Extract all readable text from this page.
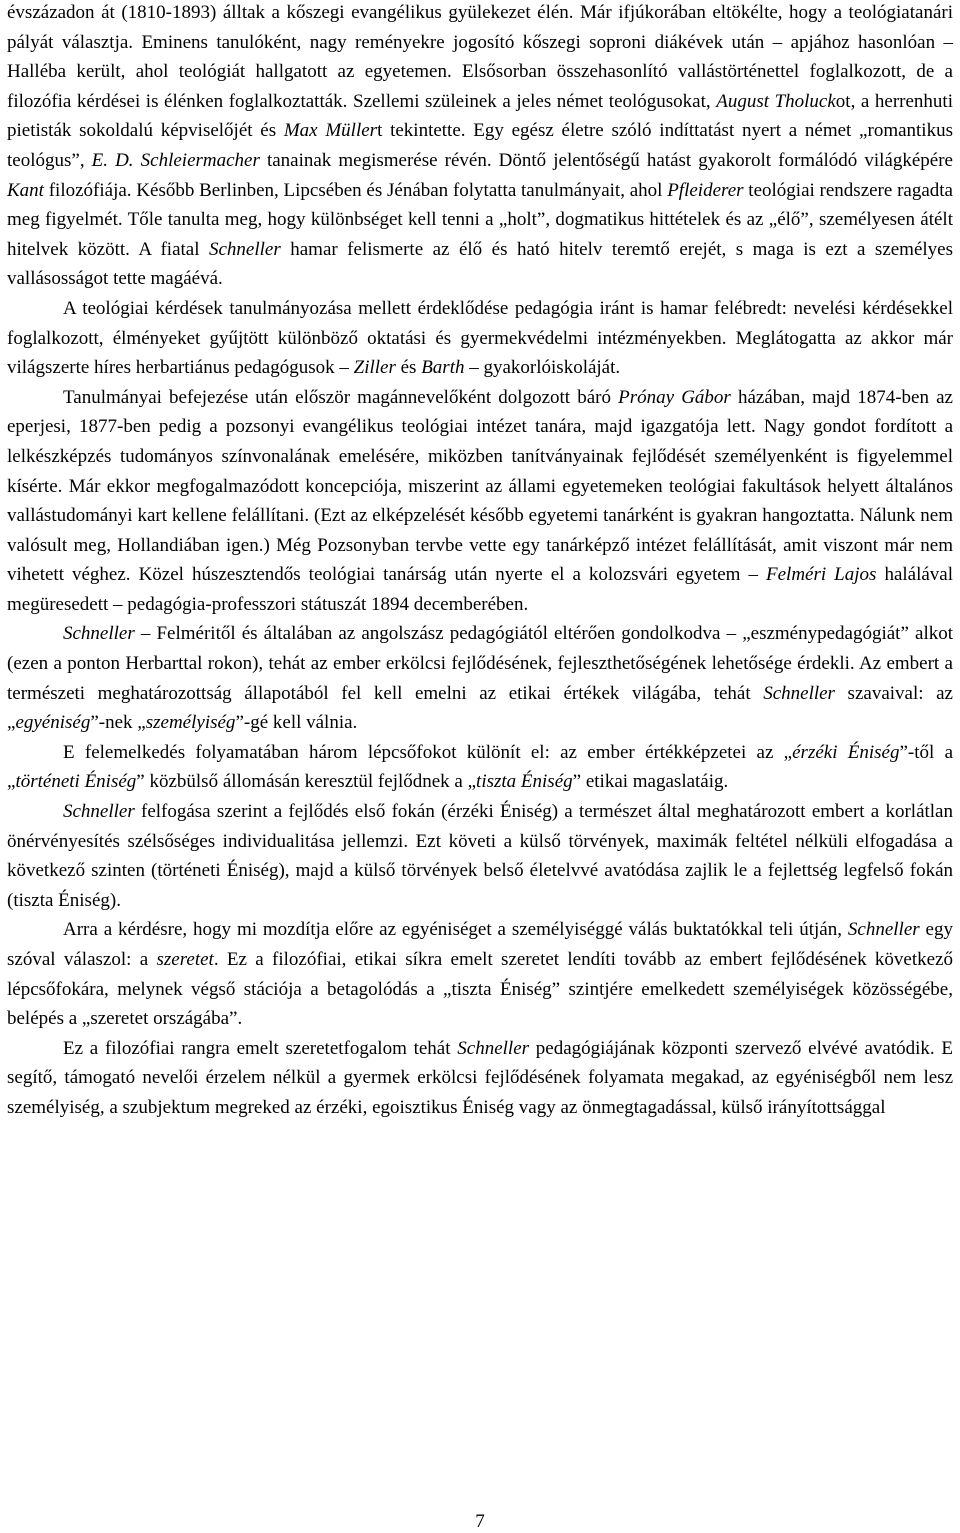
évszázadon át (1810-1893) álltak a kőszegi evangélikus gyülekezet élén. Már ifjúkorában eltökélte, hogy a teológiatanári pályát választja. Eminens tanulóként, nagy reményekre jogosító kőszegi soproni diákévek után – apjához hasonlóan – Halléba került, ahol teológiát hallgatott az egyetemen. Elsősorban összehasonlító vallástörténettel foglalkozott, de a filozófia kérdései is élénken foglalkoztatták. Szellemi szüleinek a jeles német teológusokat, August Tholuckot, a herrenhuti pietisták sokoldalú képviselőjét és Max Müllert tekintette. Egy egész életre szóló indíttatást nyert a német „romantikus teológus”, E. D. Schleiermacher tanainak megismerése révén. Döntő jelentőségű hatást gyakorolt formálódó világképére Kant filozófiája. Később Berlinben, Lipcsében és Jénában folytatta tanulmányait, ahol Pfleiderer teológiai rendszere ragadta meg figyelmét. Tőle tanulta meg, hogy különbséget kell tenni a „holt”, dogmatikus hittételek és az „élő”, személyesen átélt hitelvek között. A fiatal Schneller hamar felismerte az élő és ható hitelv teremtő erejét, s maga is ezt a személyes vallásosságot tette magáévá.

A teológiai kérdések tanulmányozása mellett érdeklődése pedagógia iránt is hamar felébredt: nevelési kérdésekkel foglalkozott, élményeket gyűjtött különböző oktatási és gyermekvédelmi intézményekben. Meglátogatta az akkor már világszerte híres herbartiánus pedagógusok – Ziller és Barth – gyakorlóiskoláját.

Tanulmányai befejezése után először magánnevelőként dolgozott báró Prónay Gábor házában, majd 1874-ben az eperjesi, 1877-ben pedig a pozsonyi evangélikus teológiai intézet tanára, majd igazgatója lett. Nagy gondot fordított a lelkészképzés tudományos színvonalának emelésére, miközben tanítványainak fejlődését személyenként is figyelemmel kísérte. Már ekkor megfogalmazódott koncepciója, miszerint az állami egyetemeken teológiai fakultások helyett általános vallástudományi kart kellene felállítani. (Ezt az elképzelését később egyetemi tanárként is gyakran hangoztatta. Nálunk nem valósult meg, Hollandiában igen.) Még Pozsonyban tervbe vette egy tanárképző intézet felállítását, amit viszont már nem vihetett véghez. Közel húszesztendős teológiai tanárság után nyerte el a kolozsvári egyetem – Felméri Lajos halálával megüresedett – pedagógia-professzori státuszát 1894 decemberében.

Schneller – Felméritől és általában az angolszász pedagógiától eltérően gondolkodva – „eszménypedagógiát” alkot (ezen a ponton Herbarttal rokon), tehát az ember erkölcsi fejlődésének, fejleszthetőségének lehetősége érdekli. Az embert a természeti meghatározottság állapotából fel kell emelni az etikai értékek világába, tehát Schneller szavaival: az „egyéniség”-nek „személyiség”-gé kell válnia.

E felemelkedés folyamatában három lépcsőfokot különít el: az ember értékképzetei az „érzéki Éniség”-től a „történeti Éniség” közbülső állomásán keresztül fejlődnek a „tiszta Éniség” etikai magaslatáig.

Schneller felfogása szerint a fejlődés első fokán (érzéki Éniség) a természet által meghatározott embert a korlátlan önérvényesítés szélsőséges individualitása jellemzi. Ezt követi a külső törvények, maximák feltétel nélküli elfogadása a következő szinten (történeti Éniség), majd a külső törvények belső életelvvé avatódása zajlik le a fejlettség legfelső fokán (tiszta Éniség).

Arra a kérdésre, hogy mi mozdítja előre az egyéniséget a személyiséggé válás buktatókkal teli útján, Schneller egy szóval válaszol: a szeretet. Ez a filozófiai, etikai síkra emelt szeretet lendíti tovább az embert fejlődésének következő lépcsőfokára, melynek végső stációja a betagolódás a „tiszta Éniség” szintjére emelkedett személyiségek közösségébe, belépés a „szeretet országába”.

Ez a filozófiai rangra emelt szeretetfogalom tehát Schneller pedagógiájának központi szervező elvévé avatódik. E segítő, támogató nevelői érzelem nélkül a gyermek erkölcsi fejlődésének folyamata megakad, az egyéniségből nem lesz személyiség, a szubjektum megreked az érzéki, egoisztikus Éniség vagy az önmegtagadással, külső irányítottsággal

7
